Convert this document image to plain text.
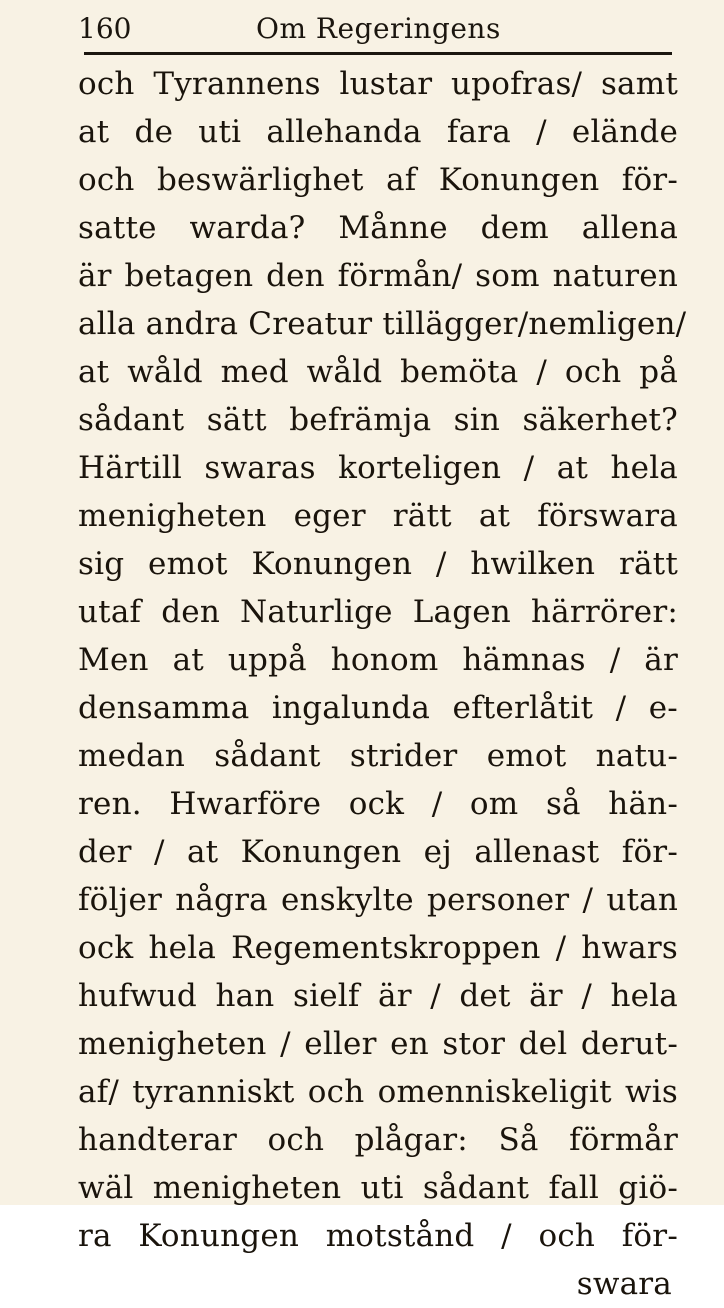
160	Om Regeringens
och Tyrannens lustar upofras/ samt
at de uti allehanda fara / elände
och beswärlighet af Konungen för-
satte warda? Månne dem allena
är betagen den förmån/ som naturen
alla andra Creatur tillägger/nemligen/
at wåld med wåld bemöta / och på
sådant sätt befrämja sin säkerhet?
Härtill swaras korteligen / at hela
menigheten eger rätt at förswara
sig emot Konungen / hwilken rätt
utaf den Naturlige Lagen härrörer:
Men at uppå honom hämnas / är
densamma ingalunda efterlåtit / e-
medan sådant strider emot natu-
ren. Hwarföre ock / om så hän-
der / at Konungen ej allenast för-
följer några enskylte personer / utan
ock hela Regementskroppen / hwars
hufwud han sielf är / det är / hela
menigheten / eller en stor del derut-
af/ tyranniskt och omenniskeligit wis
handterar och plågar: Så förmår
wäl menigheten uti sådant fall giö-
ra Konungen motstånd / och för-
swara
